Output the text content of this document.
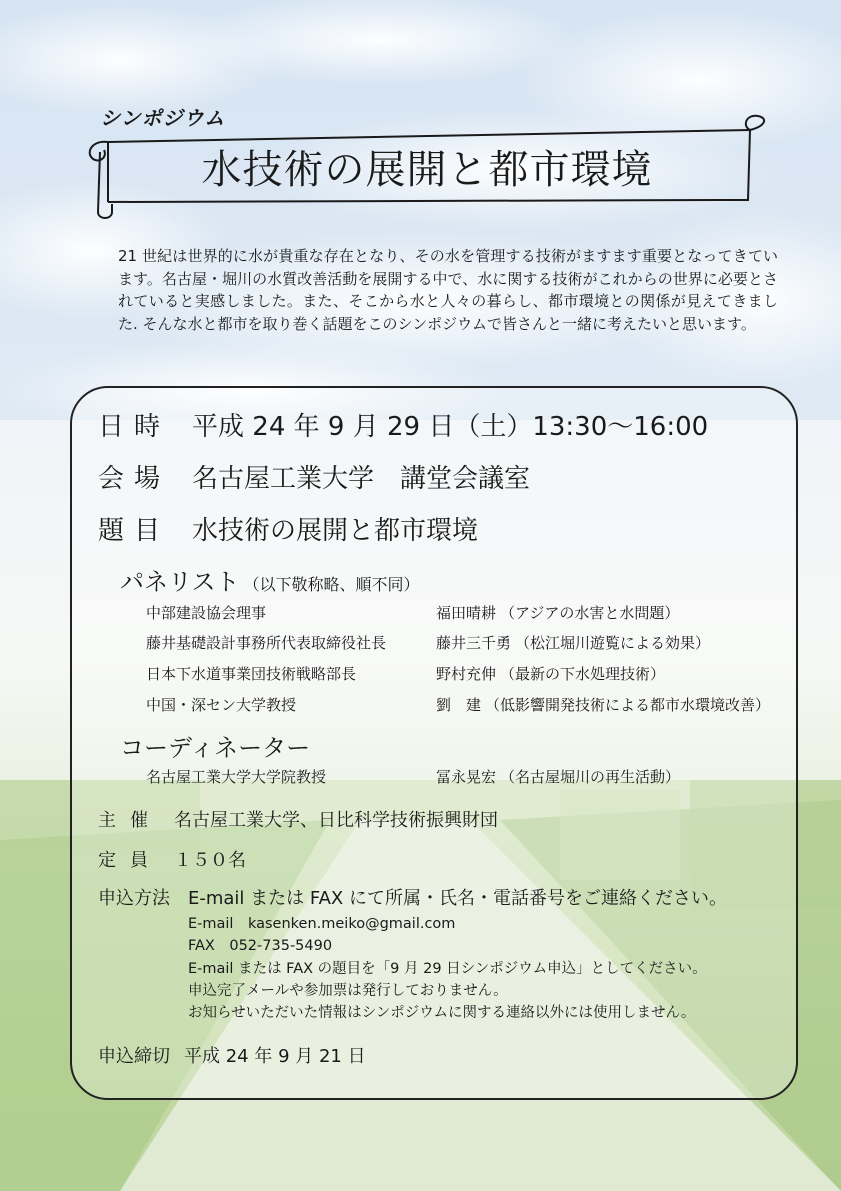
シンポジウム
水技術の展開と都市環境
21 世紀は世界的に水が貴重な存在となり、その水を管理する技術がますます重要となってきています。名古屋・堀川の水質改善活動を展開する中で、水に関する技術がこれからの世界に必要とされていると実感しました。また、そこから水と人々の暮らし、都市環境との関係が見えてきました. そんな水と都市を取り巻く話題をこのシンポジウムで皆さんと一緒に考えたいと思います。
日時 平成 24 年 9 月 29 日（土）13:30〜16:00
会場 名古屋工業大学　講堂会議室
題目 水技術の展開と都市環境
パネリスト （以下敬称略、順不同）
中部建設協会理事	福田晴耕 （アジアの水害と水問題）
藤井基礎設計事務所代表取締役社長	藤井三千勇 （松江堀川遊覧による効果）
日本下水道事業団技術戦略部長	野村充伸 （最新の下水処理技術）
中国・深セン大学教授	劉　建 （低影響開発技術による都市水環境改善）
コーディネーター
名古屋工業大学大学院教授	冨永晃宏 （名古屋堀川の再生活動）
主催 名古屋工業大学、日比科学技術振興財団
定員 １５０名
申込方法 E-mail または FAX にて所属・氏名・電話番号をご連絡ください。
E-mail　kasenken.meiko@gmail.com
FAX　052-735-5490
E-mail または FAX の題目を「9 月 29 日シンポジウム申込」としてください。
申込完了メールや参加票は発行しておりません。
お知らせいただいた情報はシンポジウムに関する連絡以外には使用しません。
申込締切 平成 24 年 9 月 21 日
